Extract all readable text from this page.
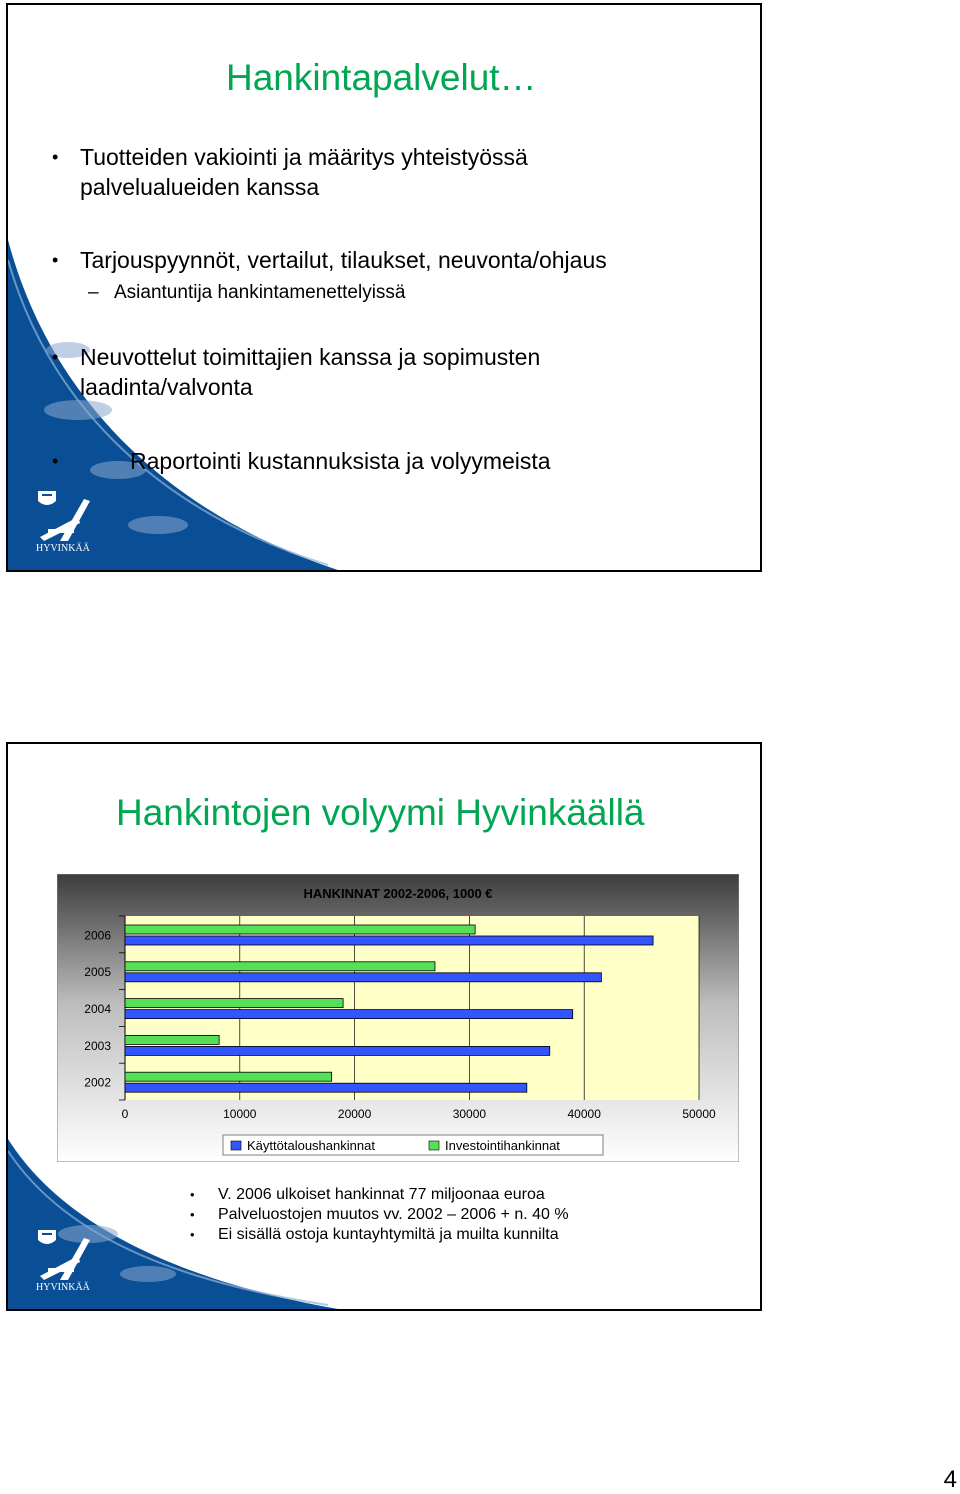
HYVINKÄÄ
Hankintapalvelut…
• Tuotteiden vakiointi ja määritys yhteistyössä
palvelualueiden kanssa
• Tarjouspyynnöt, vertailut, tilaukset, neuvonta/ohjaus
– Asiantuntija hankintamenettelyissä
• Neuvottelut toimittajien kanssa ja sopimusten
laadinta/valvonta
•	Raportointi kustannuksista ja volyymeista
HYVINKÄÄ
Hankintojen volyymi Hyvinkäällä
HANKINNAT 2002-2006, 1000 €
2002
2003
2004
2005
2006
0	10000	20000	30000	40000	50000
Käyttötaloushankinnat	Investointihankinnat
• V. 2006 ulkoiset hankinnat 77 miljoonaa euroa
• Palveluostojen muutos vv. 2002 – 2006 + n. 40 %
• Ei sisällä ostoja kuntayhtymiltä ja muilta kunnilta
4
